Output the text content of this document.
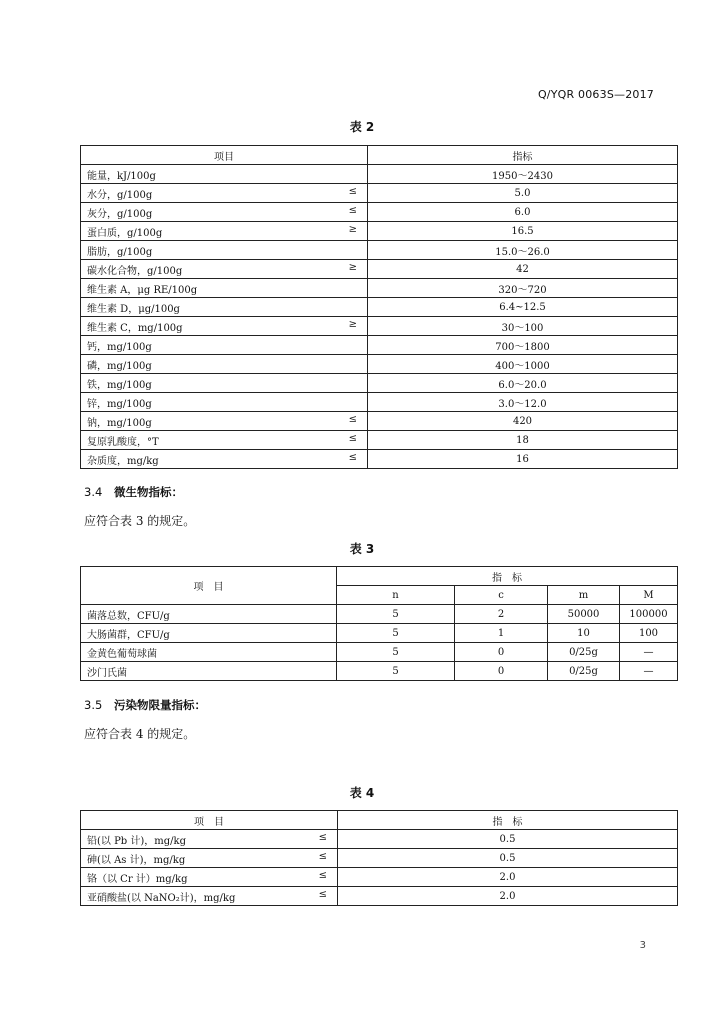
Q/YQR 0063S—2017
表 2
项目	指标
能量，kJ/100g	1950～2430
水分，g/100g ≤	5.0
灰分，g/100g ≤	6.0
蛋白质，g/100g ≥	16.5
脂肪，g/100g	15.0～26.0
碳水化合物，g/100g ≥	42
维生素 A，μg RE/100g	320～720
维生素 D，μg/100g	6.4~12.5
维生素 C，mg/100g ≥	30～100
钙，mg/100g	700～1800
磷，mg/100g	400～1000
铁，mg/100g	6.0～20.0
锌，mg/100g	3.0～12.0
钠，mg/100g ≤	420
复原乳酸度，°T ≤	18
杂质度，mg/kg ≤	16
3.4 微生物指标：
应符合表 3 的规定。
表 3
项　目	指　标			
	n	c	m	M
菌落总数，CFU/g	5	2	50000	100000
大肠菌群，CFU/g	5	1	10	100
金黄色葡萄球菌	5	0	0/25g	—
沙门氏菌	5	0	0/25g	—
3.5 污染物限量指标：
应符合表 4 的规定。
表 4
项　目	指　标
铅(以 Pb 计)，mg/kg ≤	0.5
砷(以 As 计)，mg/kg ≤	0.5
铬（以 Cr 计）mg/kg ≤	2.0
亚硝酸盐(以 NaNO₂计)，mg/kg ≤	2.0
3
